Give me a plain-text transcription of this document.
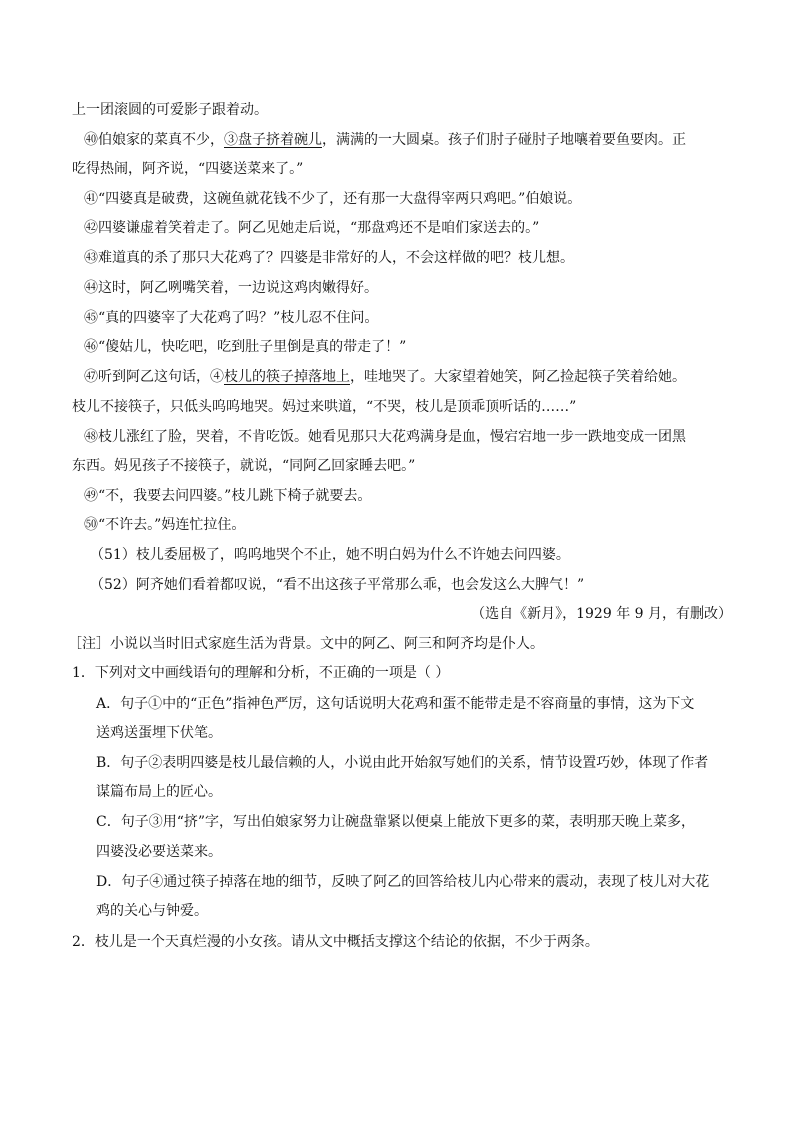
上一团滚圆的可爱影子跟着动。
㊵伯娘家的菜真不少，③盘子挤着碗儿，满满的一大圆桌。孩子们肘子碰肘子地嚷着要鱼要肉。正
吃得热闹，阿齐说，“四婆送菜来了。”
㊶“四婆真是破费，这碗鱼就花钱不少了，还有那一大盘得宰两只鸡吧。”伯娘说。
㊷四婆谦虚着笑着走了。阿乙见她走后说，“那盘鸡还不是咱们家送去的。”
㊸难道真的杀了那只大花鸡了？四婆是非常好的人，不会这样做的吧？枝儿想。
㊹这时，阿乙咧嘴笑着，一边说这鸡肉嫩得好。
㊺“真的四婆宰了大花鸡了吗？”枝儿忍不住问。
㊻“傻姑儿，快吃吧，吃到肚子里倒是真的带走了！”
㊼听到阿乙这句话，④枝儿的筷子掉落地上，哇地哭了。大家望着她笑，阿乙捡起筷子笑着给她。
枝儿不接筷子，只低头呜呜地哭。妈过来哄道，“不哭，枝儿是顶乖顶听话的……”
㊽枝儿涨红了脸，哭着，不肯吃饭。她看见那只大花鸡满身是血，慢宕宕地一步一跌地变成一团黑
东西。妈见孩子不接筷子，就说，“同阿乙回家睡去吧。”
㊾“不，我要去问四婆。”枝儿跳下椅子就要去。
㊿“不许去。”妈连忙拉住。
（51）枝儿委屈极了，呜呜地哭个不止，她不明白妈为什么不许她去问四婆。
（52）阿齐她们看着都叹说，“看不出这孩子平常那么乖，也会发这么大脾气！”
（选自《新月》，1929 年 9 月，有删改）
［注］小说以当时旧式家庭生活为背景。文中的阿乙、阿三和阿齐均是仆人。
1．下列对文中画线语句的理解和分析，不正确的一项是（ ）
A．句子①中的“正色”指神色严厉，这句话说明大花鸡和蛋不能带走是不容商量的事情，这为下文
送鸡送蛋埋下伏笔。
B．句子②表明四婆是枝儿最信赖的人，小说由此开始叙写她们的关系，情节设置巧妙，体现了作者
谋篇布局上的匠心。
C．句子③用“挤”字，写出伯娘家努力让碗盘靠紧以便桌上能放下更多的菜，表明那天晚上菜多，
四婆没必要送菜来。
D．句子④通过筷子掉落在地的细节，反映了阿乙的回答给枝儿内心带来的震动，表现了枝儿对大花
鸡的关心与钟爱。
2．枝儿是一个天真烂漫的小女孩。请从文中概括支撑这个结论的依据，不少于两条。
